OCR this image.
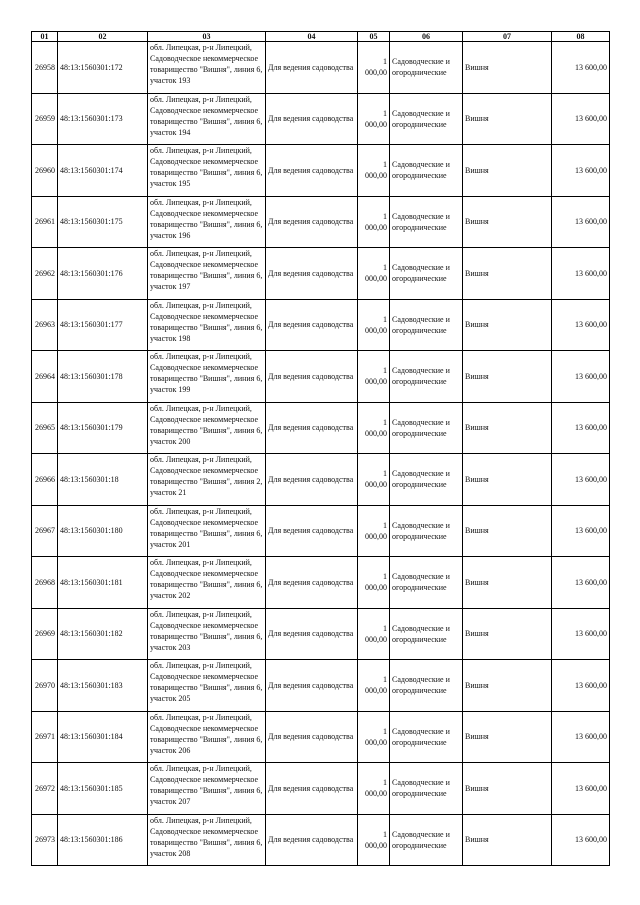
01	02	03	04	05	06	07	08
26958	48:13:1560301:172	обл. Липецкая, р-н Липецкий, Садоводческое некоммерческое товарищество "Вишня", линия 6, участок 193	Для ведения садоводства	1 000,00	Садоводческие и огороднические	Вишня	13 600,00
26959	48:13:1560301:173	обл. Липецкая, р-н Липецкий, Садоводческое некоммерческое товарищество "Вишня", линия 6, участок 194	Для ведения садоводства	1 000,00	Садоводческие и огороднические	Вишня	13 600,00
26960	48:13:1560301:174	обл. Липецкая, р-н Липецкий, Садоводческое некоммерческое товарищество "Вишня", линия 6, участок 195	Для ведения садоводства	1 000,00	Садоводческие и огороднические	Вишня	13 600,00
26961	48:13:1560301:175	обл. Липецкая, р-н Липецкий, Садоводческое некоммерческое товарищество "Вишня", линия 6, участок 196	Для ведения садоводства	1 000,00	Садоводческие и огороднические	Вишня	13 600,00
26962	48:13:1560301:176	обл. Липецкая, р-н Липецкий, Садоводческое некоммерческое товарищество "Вишня", линия 6, участок 197	Для ведения садоводства	1 000,00	Садоводческие и огороднические	Вишня	13 600,00
26963	48:13:1560301:177	обл. Липецкая, р-н Липецкий, Садоводческое некоммерческое товарищество "Вишня", линия 6, участок 198	Для ведения садоводства	1 000,00	Садоводческие и огороднические	Вишня	13 600,00
26964	48:13:1560301:178	обл. Липецкая, р-н Липецкий, Садоводческое некоммерческое товарищество "Вишня", линия 6, участок 199	Для ведения садоводства	1 000,00	Садоводческие и огороднические	Вишня	13 600,00
26965	48:13:1560301:179	обл. Липецкая, р-н Липецкий, Садоводческое некоммерческое товарищество "Вишня", линия 6, участок 200	Для ведения садоводства	1 000,00	Садоводческие и огороднические	Вишня	13 600,00
26966	48:13:1560301:18	обл. Липецкая, р-н Липецкий, Садоводческое некоммерческое товарищество "Вишня", линия 2, участок 21	Для ведения садоводства	1 000,00	Садоводческие и огороднические	Вишня	13 600,00
26967	48:13:1560301:180	обл. Липецкая, р-н Липецкий, Садоводческое некоммерческое товарищество "Вишня", линия 6, участок 201	Для ведения садоводства	1 000,00	Садоводческие и огороднические	Вишня	13 600,00
26968	48:13:1560301:181	обл. Липецкая, р-н Липецкий, Садоводческое некоммерческое товарищество "Вишня", линия 6, участок 202	Для ведения садоводства	1 000,00	Садоводческие и огороднические	Вишня	13 600,00
26969	48:13:1560301:182	обл. Липецкая, р-н Липецкий, Садоводческое некоммерческое товарищество "Вишня", линия 6, участок 203	Для ведения садоводства	1 000,00	Садоводческие и огороднические	Вишня	13 600,00
26970	48:13:1560301:183	обл. Липецкая, р-н Липецкий, Садоводческое некоммерческое товарищество "Вишня", линия 6, участок 205	Для ведения садоводства	1 000,00	Садоводческие и огороднические	Вишня	13 600,00
26971	48:13:1560301:184	обл. Липецкая, р-н Липецкий, Садоводческое некоммерческое товарищество "Вишня", линия 6, участок 206	Для ведения садоводства	1 000,00	Садоводческие и огороднические	Вишня	13 600,00
26972	48:13:1560301:185	обл. Липецкая, р-н Липецкий, Садоводческое некоммерческое товарищество "Вишня", линия 6, участок 207	Для ведения садоводства	1 000,00	Садоводческие и огороднические	Вишня	13 600,00
26973	48:13:1560301:186	обл. Липецкая, р-н Липецкий, Садоводческое некоммерческое товарищество "Вишня", линия 6, участок 208	Для ведения садоводства	1 000,00	Садоводческие и огороднические	Вишня	13 600,00
